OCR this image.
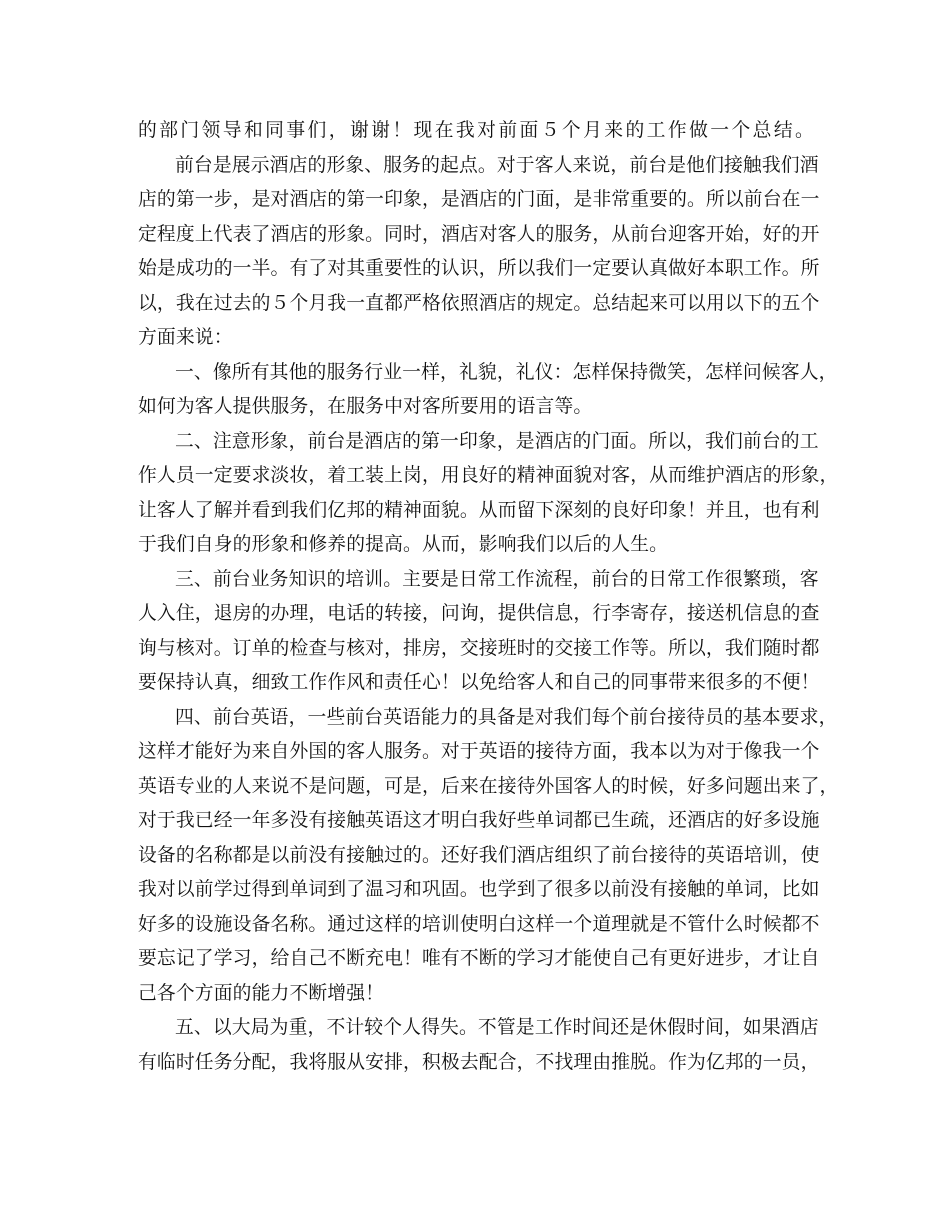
的部门领导和同事们，谢谢！现在我对前面５个月来的工作做一个总结。
前台是展示酒店的形象、服务的起点。对于客人来说，前台是他们接触我们酒
店的第一步，是对酒店的第一印象，是酒店的门面，是非常重要的。所以前台在一
定程度上代表了酒店的形象。同时，酒店对客人的服务，从前台迎客开始，好的开
始是成功的一半。有了对其重要性的认识，所以我们一定要认真做好本职工作。所
以，我在过去的５个月我一直都严格依照酒店的规定。总结起来可以用以下的五个
方面来说：
一、像所有其他的服务行业一样，礼貌，礼仪：怎样保持微笑，怎样问候客人，
如何为客人提供服务，在服务中对客所要用的语言等。
二、注意形象，前台是酒店的第一印象，是酒店的门面。所以，我们前台的工
作人员一定要求淡妆，着工装上岗，用良好的精神面貌对客，从而维护酒店的形象，
让客人了解并看到我们亿邦的精神面貌。从而留下深刻的良好印象！并且，也有利
于我们自身的形象和修养的提高。从而，影响我们以后的人生。
三、前台业务知识的培训。主要是日常工作流程，前台的日常工作很繁琐，客
人入住，退房的办理，电话的转接，问询，提供信息，行李寄存，接送机信息的查
询与核对。订单的检查与核对，排房，交接班时的交接工作等。所以，我们随时都
要保持认真，细致工作作风和责任心！以免给客人和自己的同事带来很多的不便！
四、前台英语，一些前台英语能力的具备是对我们每个前台接待员的基本要求，
这样才能好为来自外国的客人服务。对于英语的接待方面，我本以为对于像我一个
英语专业的人来说不是问题，可是，后来在接待外国客人的时候，好多问题出来了，
对于我已经一年多没有接触英语这才明白我好些单词都已生疏，还酒店的好多设施
设备的名称都是以前没有接触过的。还好我们酒店组织了前台接待的英语培训，使
我对以前学过得到单词到了温习和巩固。也学到了很多以前没有接触的单词，比如
好多的设施设备名称。通过这样的培训使明白这样一个道理就是不管什么时候都不
要忘记了学习，给自己不断充电！唯有不断的学习才能使自己有更好进步，才让自
己各个方面的能力不断增强！
五、以大局为重，不计较个人得失。不管是工作时间还是休假时间，如果酒店
有临时任务分配，我将服从安排，积极去配合，不找理由推脱。作为亿邦的一员，
